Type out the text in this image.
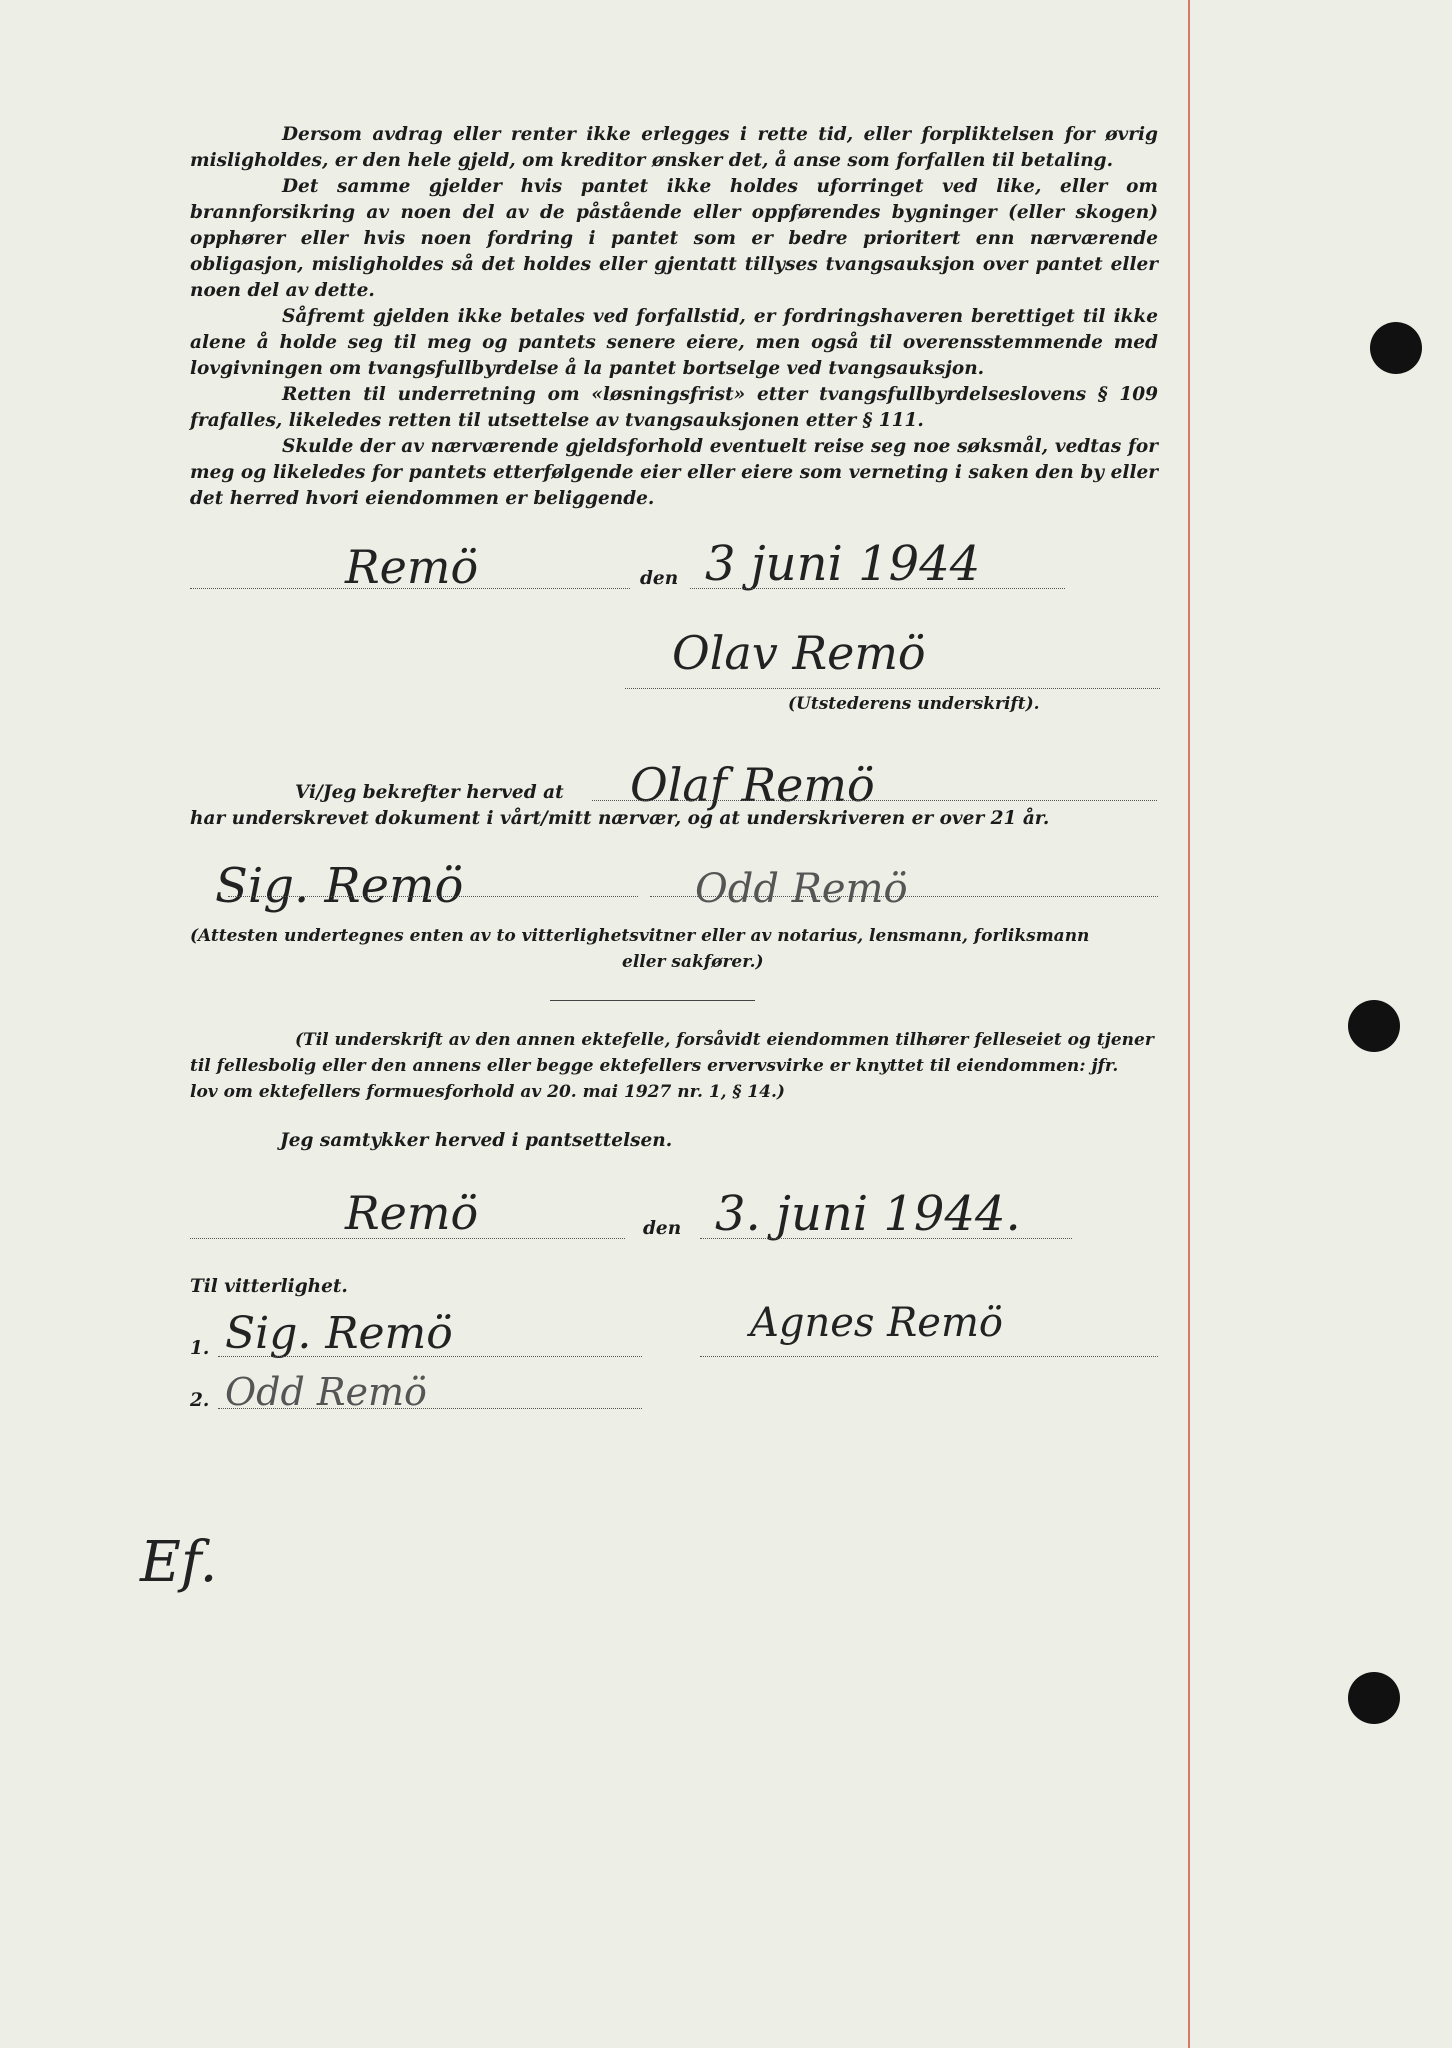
Dersom avdrag eller renter ikke erlegges i rette tid, eller forpliktelsen for øvrig misligholdes, er den hele gjeld, om kreditor ønsker det, å anse som forfallen til betaling.

Det samme gjelder hvis pantet ikke holdes uforringet ved like, eller om brannforsikring av noen del av de påstående eller oppførendes bygninger (eller skogen) opphører eller hvis noen fordring i pantet som er bedre prioritert enn nærværende obligasjon, misligholdes så det holdes eller gjentatt tillyses tvangsauksjon over pantet eller noen del av dette.

Såfremt gjelden ikke betales ved forfallstid, er fordringshaveren berettiget til ikke alene å holde seg til meg og pantets senere eiere, men også til overensstemmende med lovgivningen om tvangsfullbyrdelse å la pantet bortselge ved tvangsauksjon.

Retten til underretning om «løsningsfrist» etter tvangsfullbyrdelseslovens § 109 frafalles, likeledes retten til utsettelse av tvangsauksjonen etter § 111.

Skulde der av nærværende gjeldsforhold eventuelt reise seg noe søksmål, vedtas for meg og likeledes for pantets etterfølgende eier eller eiere som verneting i saken den by eller det herred hvori eiendommen er beliggende.

Remö	den 3 juni 1944
Olav Remö
(Utstederens underskrift).
Vi/Jeg bekrefter herved at Olaf Remö
har underskrevet dokument i vårt/mitt nærvær, og at underskriveren er over 21 år.
Sig. Remö	Odd Remö
(Attesten undertegnes enten av to vitterlighetsvitner eller av notarius, lensmann, forliksmann
eller sakfører.)
(Til underskrift av den annen ektefelle, forsåvidt eiendommen tilhører felleseiet og tjener
til fellesbolig eller den annens eller begge ektefellers ervervsvirke er knyttet til eiendommen: jfr.
lov om ektefellers formuesforhold av 20. mai 1927 nr. 1, § 14.)
Jeg samtykker herved i pantsettelsen.
Remö	den 3. juni 1944.
Til vitterlighet.
1. Sig. Remö	Agnes Remö
2. Odd Remö
Ef.
